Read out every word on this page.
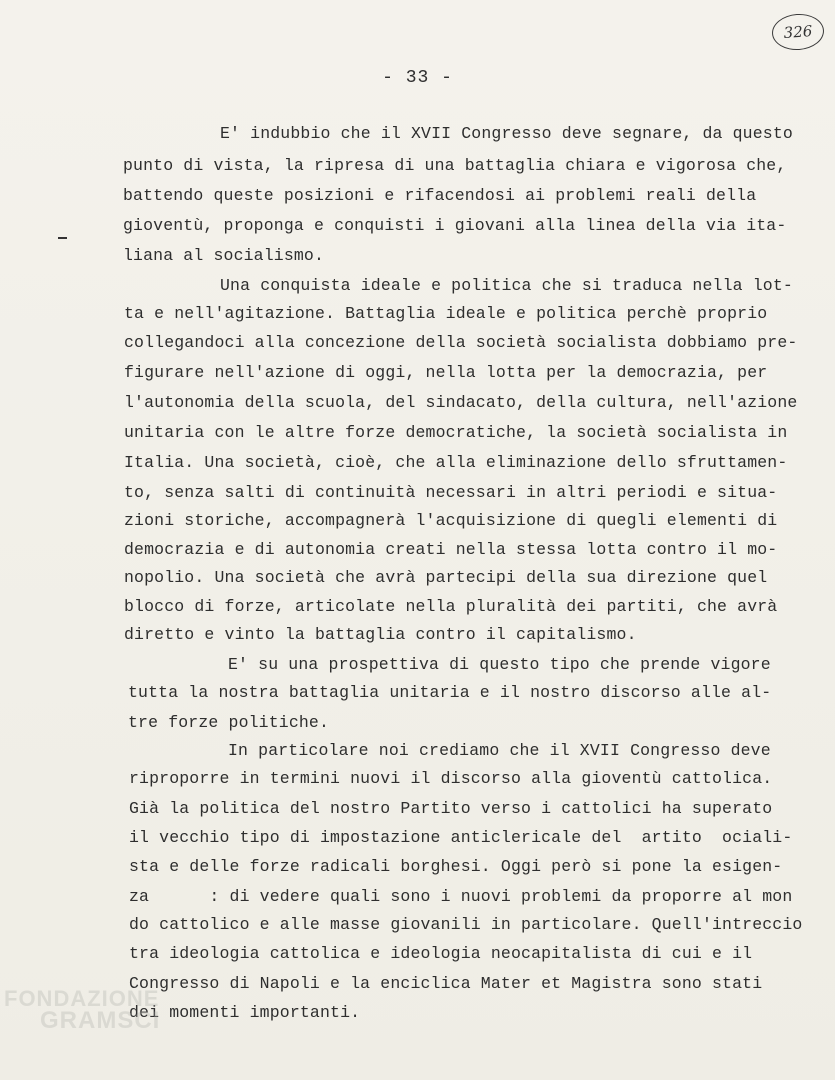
326
- 33 -
E' indubbio che il XVII Congresso deve segnare, da questo
punto di vista, la ripresa di una battaglia chiara e vigorosa che,
battendo queste posizioni e rifacendosi ai problemi reali della
gioventù, proponga e conquisti i giovani alla linea della via ita-
liana al socialismo.
Una conquista ideale e politica che si traduca nella lot-
ta e nell'agitazione. Battaglia ideale e politica perchè proprio
collegandoci alla concezione della società socialista dobbiamo pre-
figurare nell'azione di oggi, nella lotta per la democrazia, per
l'autonomia della scuola, del sindacato, della cultura, nell'azione
unitaria con le altre forze democratiche, la società socialista in
Italia. Una società, cioè, che alla eliminazione dello sfruttamen-
to, senza salti di continuità necessari in altri periodi e situa-
zioni storiche, accompagnerà l'acquisizione di quegli elementi di
democrazia e di autonomia creati nella stessa lotta contro il mo-
nopolio. Una società che avrà partecipi della sua direzione quel
blocco di forze, articolate nella pluralità dei partiti, che avrà
diretto e vinto la battaglia contro il capitalismo.
E' su una prospettiva di questo tipo che prende vigore
tutta la nostra battaglia unitaria e il nostro discorso alle al-
tre forze politiche.
In particolare noi crediamo che il XVII Congresso deve
riproporre in termini nuovi il discorso alla gioventù cattolica.
Già la politica del nostro Partito verso i cattolici ha superato
il vecchio tipo di impostazione anticlericale del  artito  ociali-
sta e delle forze radicali borghesi. Oggi però si pone la esigen-
za      : di vedere quali sono i nuovi problemi da proporre al mon
do cattolico e alle masse giovanili in particolare. Quell'intreccio
tra ideologia cattolica e ideologia neocapitalista di cui e il
Congresso di Napoli e la enciclica Mater et Magistra sono stati
dei momenti importanti.
FONDAZIONE
GRAMSCI
